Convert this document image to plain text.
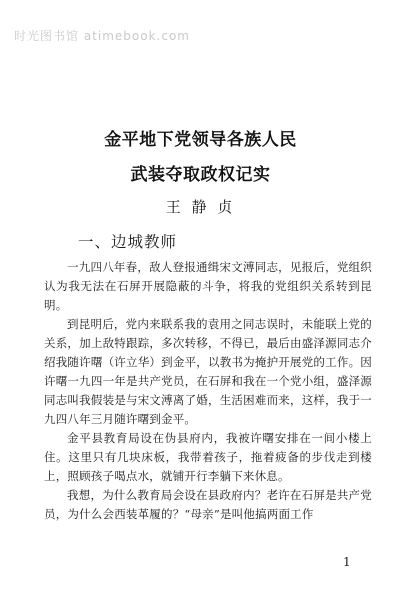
时光图书馆 atimebook.com
金平地下党领导各族人民
武装夺取政权记实
王 静 贞
一、边城教师

一九四八年春，敌人登报通缉宋文溥同志，见报后，党组织认为我无法在石屏开展隐蔽的斗争，将我的党组织关系转到昆明。

到昆明后，党内来联系我的袁用之同志误时，未能联上党的关系，加上敌特跟踪，多次转移，不得已，最后由盛泽源同志介绍我随许曙（许立华）到金平，以教书为掩护开展党的工作。因许曙一九四一年是共产党员，在石屏和我在一个党小组，盛泽源同志叫我假装是与宋文溥离了婚，生活困难而来，这样，我于一九四八年三月随许曙到金平。

金平县教育局设在伪县府内，我被许曙安排在一间小楼上住。这里只有几块床板，我带着孩子，拖着疲备的步伐走到楼上，照顾孩子喝点水，就铺开行李躺下来休息。

我想，为什么教育局会设在县政府内？老许在石屏是共产党员，为什么会西装革履的？“母亲”是叫他搞两面工作

1
